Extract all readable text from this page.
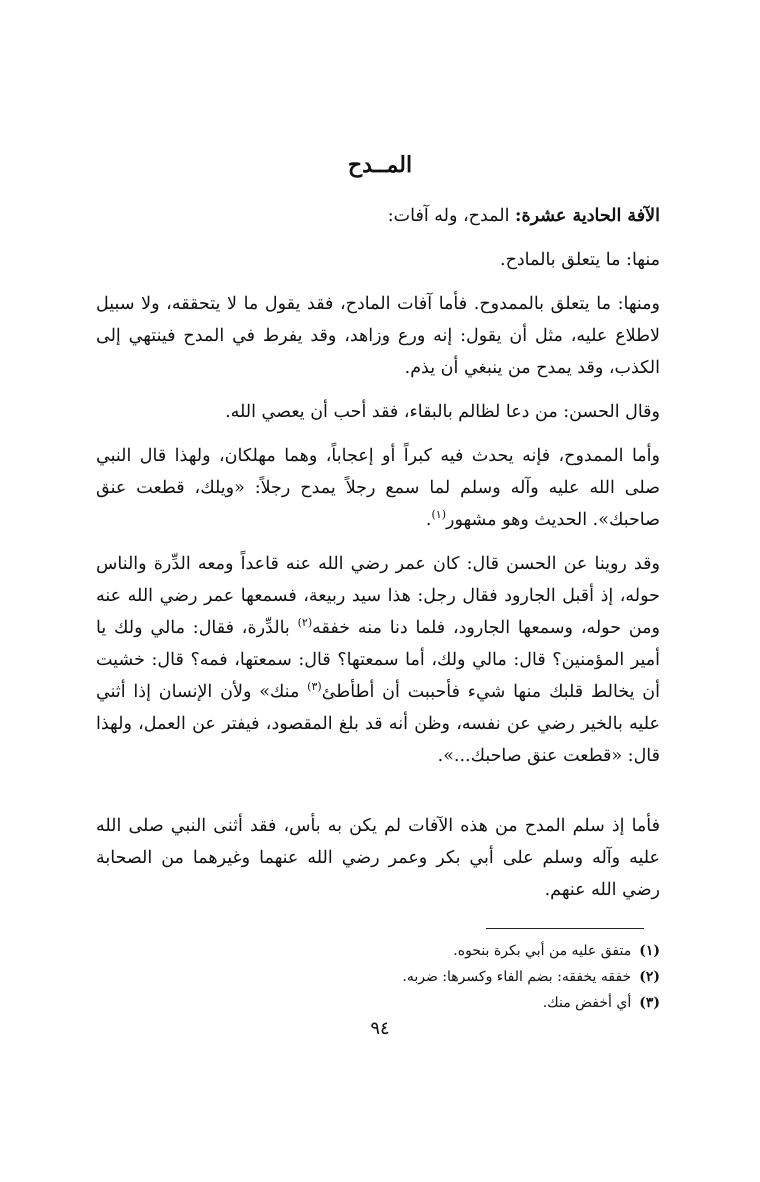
المــدح

الآفة الحادية عشرة: المدح، وله آفات:

منها: ما يتعلق بالمادح.

ومنها: ما يتعلق بالممدوح. فأما آفات المادح، فقد يقول ما لا يتحققه، ولا سبيل لاطلاع عليه، مثل أن يقول: إنه ورع وزاهد، وقد يفرط في المدح فينتهي إلى الكذب، وقد يمدح من ينبغي أن يذم.

وقال الحسن: من دعا لظالم بالبقاء، فقد أحب أن يعصي الله.

وأما الممدوح، فإنه يحدث فيه كبراً أو إعجاباً، وهما مهلكان، ولهذا قال النبي صلى الله عليه وآله وسلم لما سمع رجلاً يمدح رجلاً: «ويلك، قطعت عنق صاحبك». الحديث وهو مشهور$^{(١)}$.

وقد روينا عن الحسن قال: كان عمر رضي الله عنه قاعداً ومعه الدِّرة والناس حوله، إذ أقبل الجارود فقال رجل: هذا سيد ربيعة، فسمعها عمر رضي الله عنه ومن حوله، وسمعها الجارود، فلما دنا منه خفقه$^{(٢)}$ بالدِّرة، فقال: مالي ولك يا أمير المؤمنين؟ قال: مالي ولك، أما سمعتها؟ قال: سمعتها، فمه؟ قال: خشيت أن يخالط قلبك منها شيء فأحببت أن أطأطئ$^{(٣)}$ منك» ولأن الإنسان إذا أثني عليه بالخير رضي عن نفسه، وظن أنه قد بلغ المقصود، فيفتر عن العمل، ولهذا قال: «قطعت عنق صاحبك...».

فأما إذ سلم المدح من هذه الآفات لم يكن به بأس، فقد أثنى النبي صلى الله عليه وآله وسلم على أبي بكر وعمر رضي الله عنهما وغيرهما من الصحابة رضي الله عنهم.

(١)متفق عليه من أبي بكرة بنحوه.
(٢)خفقه يخفقه: بضم الفاء وكسرها: ضربه.
(٣)أي أخفض منك.
٩٤
